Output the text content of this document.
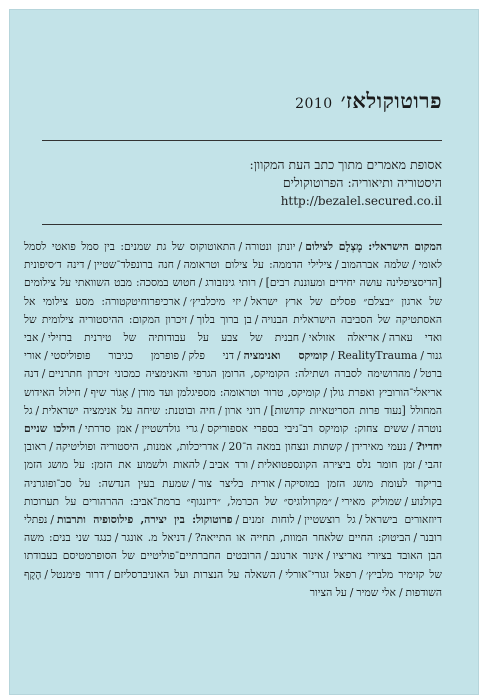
פרוטוקולאז׳2010
אסופת מאמרים מתוך כתב העת המקוון:
היסטוריה ותיאוריה: הפרוטוקולים
http://bezalel.secured.co.il
המקום הישראלי: מֶצְלָם לצילום/יונתן ונטורה/התאוטוקוס של גת שמנים: בין סמל פואטי לסמל לאומי/שלמה אברהמוב/צילילי הדממה: על צילום וטראומה/חנה ברונפלד־שטיין/דינה ד׳סיפונית [הדיסציפלינה עושה יחידים ומעוננת רבים]/רותי גינזבורג/חטוש במסכה: מבט השוואתי על צילומים של ארגון ״בצלם״ פסלים של ארץ ישראל/יזי מיכלביץ׳/ארכיפרוחיטקטורה: מסע צילומי אל האסתטיקה של הסביבה הישראלית הבנויה/בן ברוך בלוך/זיכרון המקום: ההיסטוריה צילומית של ואדי עארה/אריאלה אזולאי/חבנית של צבע על עבודותיה של טירנית ברזילי/אבי גנור/RealityTrauma/קומיקס ואנימציה/דני פלק/פופרמן כגיבור פופוליסטי/אורי ברטל/מהרושימה לסברה ושתילה: הקומיקס, הרומן הגרפי והאנימציה כמכוני זיכרון חתרניים/דנה אריאלי־הורוביץ ואפרת גולן/קומיקס, טרור וטראומה: מספיגלמן ועד מודן/אָגוֹר שיף/חילול האידוש המחולל [נעוד פרות הסריטאיות קדושות]/רוני ארון/חיה ובוטנת: שיחה על אנימציה ישראלית/גל נוטרה/ששים צחוק: קומיקס רב־ניבי בספרי אספוריקס/גרי גולדשטיין/אמן סדרתי/הילכו שניים יחדיו?/נעמי מאירידן/קשתות ונצחון במאה ה־20/אדריכלות, אמנות, היסטוריה ופוליטיקה/ראובן זהבי/זמן חומר נלס ביצירה הקונספטואלית/ורד אביב/להאות ולשמוע את הזמן: על מושג הזמן בריקוד לעומת מושג הזמן במוסיקה/אורית בליצר צור/שמעת בעין הנדשה: על סכ־ופוגרניה בקולנוע/שמוליק מאירי/״מקרולוגיס״ של הכרמל, ״דיזנגוף״ ברמת־אביב: ההרהורים על תערוכות דיוזאורים בישראל/גל רוצשטיין/לוחות זמנים/פרוטוקול: בין יצירה, פילוסופיה ותרבות/נפתלי רובנר/הביטוק: החיים שלאחר המוות, תחייה או התייאה?/דניאל מ. אונגר/כנגד שני בנים: משה הבן האובד בציורי נאריציו/אינור ארנונב/הרובטים החברתיים־פוליטיים של הסופרמטיסם בעבודתו של קזימיר מלביץ׳/רפאל זגורי־אורלי/השאלה על הנצרות ועל האוניברסליזם/דרור פימנטל/הֶקֶף השודפות/אלי שמיר/על הציור
